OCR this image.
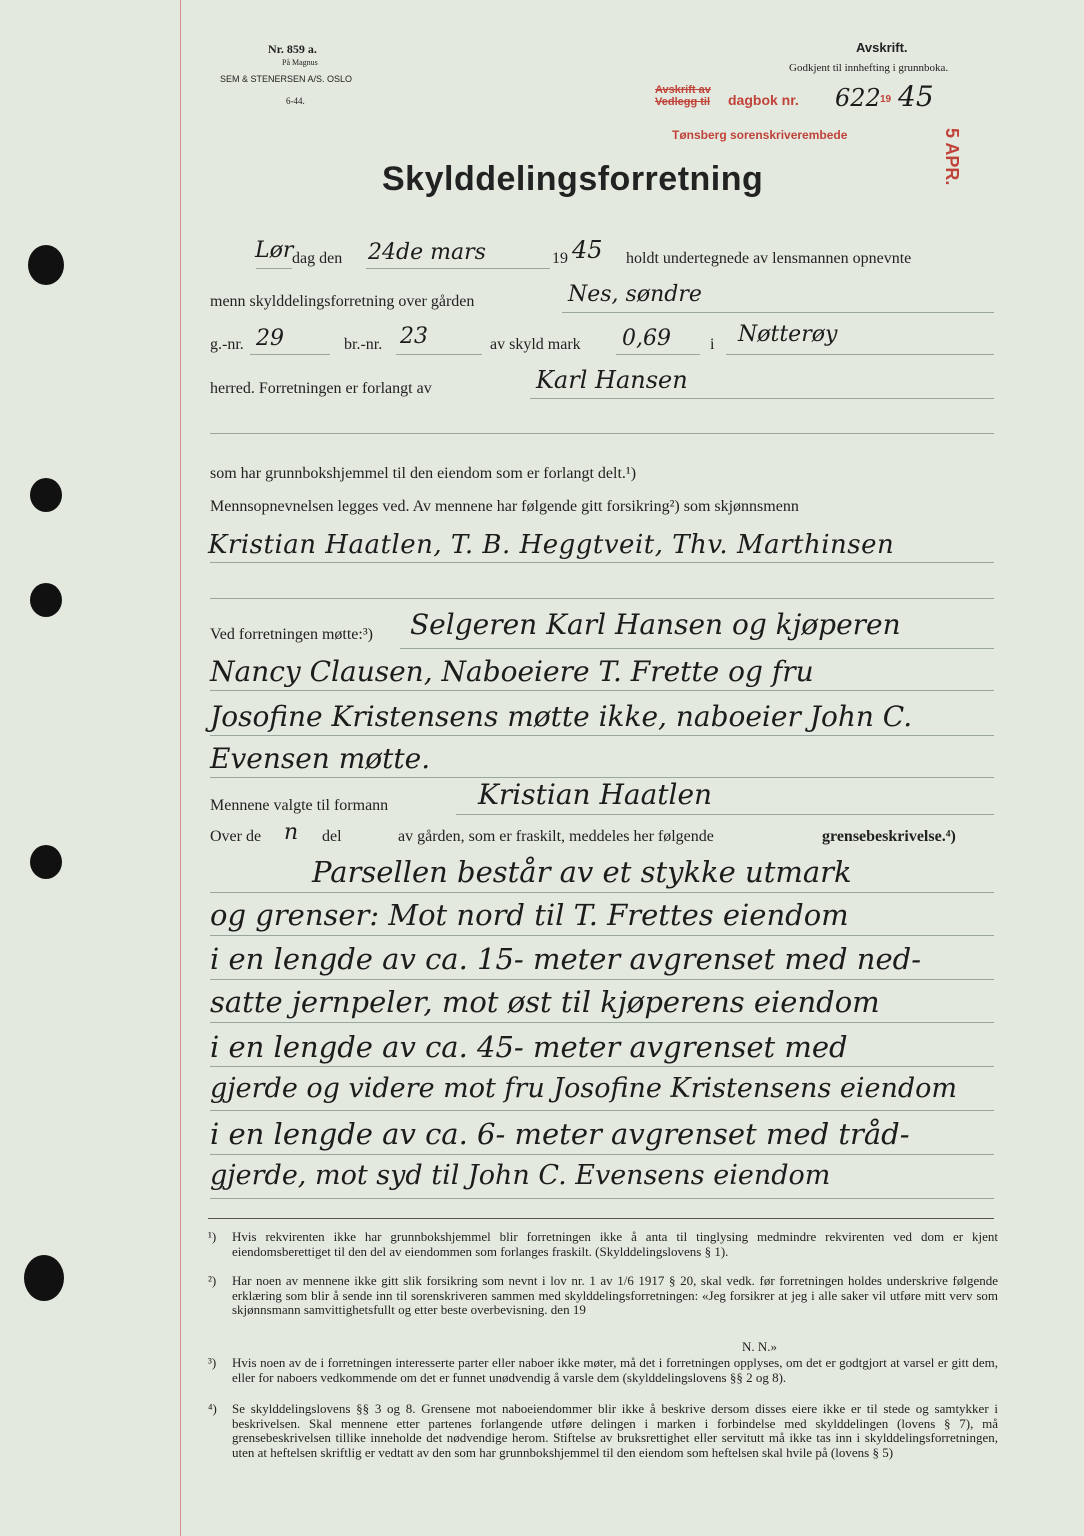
Nr. 859 a.
På Magnus
SEM & STENERSEN A/S. OSLO
6-44.
Avskrift.
Godkjent til innhefting i grunnboka.
Avskrift av
Vedlegg til dagbok nr. 622 19 45
Tønsberg sorenskriverembede	5 APR.
Skylddelingsforretning
Lør
dag den 24de mars	19 45 holdt undertegnede av lensmannen opnevnte
menn skylddelingsforretning over gården	Nes, søndre
g.-nr. 29	br.-nr. 23	av skyld mark 0,69 i Nøtterøy
herred. Forretningen er forlangt av	Karl Hansen
som har grunnbokshjemmel til den eiendom som er forlangt delt.¹)
Mennsopnevnelsen legges ved. Av mennene har følgende gitt forsikring²) som skjønnsmenn
Kristian Haatlen, T. B. Heggtveit, Thv. Marthinsen
Ved forretningen møtte:³) Selgeren Karl Hansen og kjøperen
Nancy Clausen, Naboeiere T. Frette og fru
Josofine Kristensens møtte ikke, naboeier John C.
Evensen møtte.
Mennene valgte til formann	Kristian Haatlen
Over de n del	av gården, som er fraskilt, meddeles her følgende	grensebeskrivelse.⁴)
Parsellen består av et stykke utmark
og grenser: Mot nord til T. Frettes eiendom
i en lengde av ca. 15- meter avgrenset med ned-
satte jernpeler, mot øst til kjøperens eiendom
i en lengde av ca. 45- meter avgrenset med
gjerde og videre mot fru Josofine Kristensens eiendom
i en lengde av ca. 6- meter avgrenset med tråd-
gjerde, mot syd til John C. Evensens eiendom
¹) Hvis rekvirenten ikke har grunnbokshjemmel blir forretningen ikke å anta til tinglysing medmindre rekvirenten ved dom er kjent eiendomsberettiget til den del av eiendommen som forlanges fraskilt. (Skylddelingslovens § 1).
²) Har noen av mennene ikke gitt slik forsikring som nevnt i lov nr. 1 av 1/6 1917 § 20, skal vedk. før forretningen holdes underskrive følgende erklæring som blir å sende inn til sorenskriveren sammen med skylddelingsforretningen: «Jeg forsikrer at jeg i alle saker vil utføre mitt verv som skjønnsmann samvittighetsfullt og etter beste overbevisning. den 19
N. N.»
³) Hvis noen av de i forretningen interesserte parter eller naboer ikke møter, må det i forretningen opplyses, om det er godtgjort at varsel er gitt dem, eller for naboers vedkommende om det er funnet unødvendig å varsle dem (skylddelingslovens §§ 2 og 8).
⁴) Se skylddelingslovens §§ 3 og 8. Grensene mot naboeiendommer blir ikke å beskrive dersom disses eiere ikke er til stede og samtykker i beskrivelsen. Skal mennene etter partenes forlangende utføre delingen i marken i forbindelse med skylddelingen (lovens § 7), må grensebeskrivelsen tillike inneholde det nødvendige herom. Stiftelse av bruksrettighet eller servitutt må ikke tas inn i skylddelingsforretningen, uten at heftelsen skriftlig er vedtatt av den som har grunnbokshjemmel til den eiendom som heftelsen skal hvile på (lovens § 5)
